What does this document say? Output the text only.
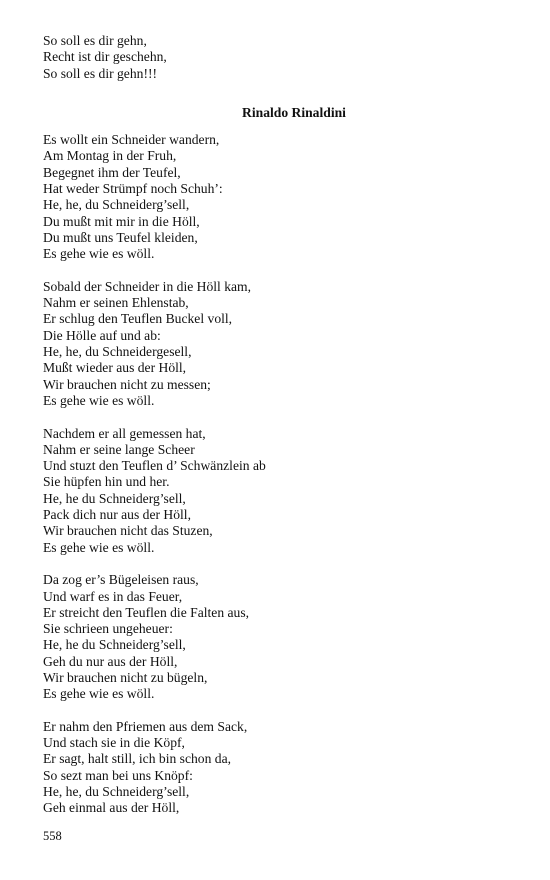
So soll es dir gehn,
Recht ist dir geschehn,
So soll es dir gehn!!!
Rinaldo Rinaldini
Es wollt ein Schneider wandern,
Am Montag in der Fruh,
Begegnet ihm der Teufel,
Hat weder Strümpf noch Schuh’:
He, he, du Schneiderg’sell,
Du mußt mit mir in die Höll,
Du mußt uns Teufel kleiden,
Es gehe wie es wöll.
Sobald der Schneider in die Höll kam,
Nahm er seinen Ehlenstab,
Er schlug den Teuflen Buckel voll,
Die Hölle auf und ab:
He, he, du Schneidergesell,
Mußt wieder aus der Höll,
Wir brauchen nicht zu messen;
Es gehe wie es wöll.
Nachdem er all gemessen hat,
Nahm er seine lange Scheer
Und stuzt den Teuflen d’ Schwänzlein ab
Sie hüpfen hin und her.
He, he du Schneiderg’sell,
Pack dich nur aus der Höll,
Wir brauchen nicht das Stuzen,
Es gehe wie es wöll.
Da zog er’s Bügeleisen raus,
Und warf es in das Feuer,
Er streicht den Teuflen die Falten aus,
Sie schrieen ungeheuer:
He, he du Schneiderg’sell,
Geh du nur aus der Höll,
Wir brauchen nicht zu bügeln,
Es gehe wie es wöll.
Er nahm den Pfriemen aus dem Sack,
Und stach sie in die Köpf,
Er sagt, halt still, ich bin schon da,
So sezt man bei uns Knöpf:
He, he, du Schneiderg’sell,
Geh einmal aus der Höll,
558
